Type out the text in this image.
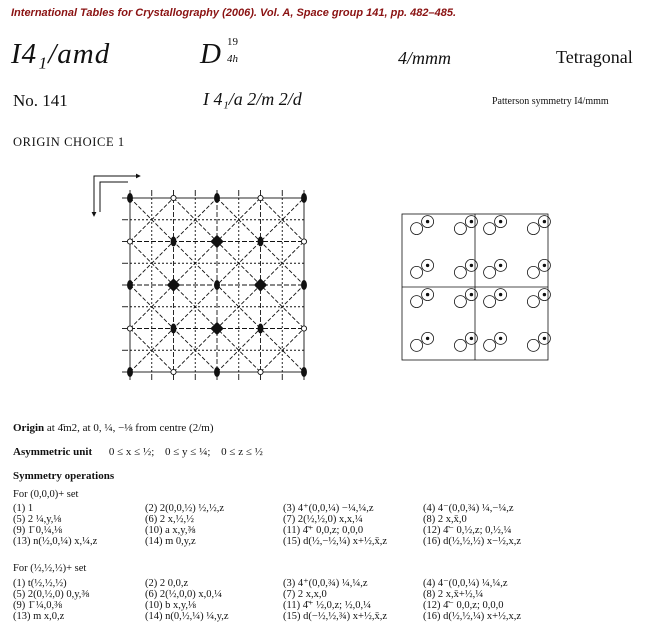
International Tables for Crystallography (2006). Vol. A, Space group 141, pp. 482–485.
I4₁/amd	D 19
4h	4/mmm	Tetragonal
No. 141	I 4₁/a 2/m 2/d	Patterson symmetry I4/mmm
ORIGIN CHOICE 1
Origin at 4̄m2, at 0, ¼, −⅛ from centre (2/m)
Asymmetric unit 0 ≤ x ≤ ½; 0 ≤ y ≤ ¼; 0 ≤ z ≤ ½
Symmetry operations
For (0,0,0)+ set
(1) 1	(2) 2(0,0,½) ½,½,z	(3) 4⁺(0,0,¼) −¼,¼,z	(4) 4⁻(0,0,¾) ¼,−¼,z
(5) 2 ¼,y,⅛	(6) 2 x,½,½	(7) 2(½,½,0) x,x,¼	(8) 2 x,x̄,0
(9) 1̄ 0,¼,⅛	(10) a x,y,⅜	(11) 4̄⁺ 0,0,z; 0,0,0	(12) 4̄⁻ 0,½,z; 0,½,¼
(13) n(½,0,¼) x,¼,z	(14) m 0,y,z	(15) d(½,−½,¼) x+½,x̄,z	(16) d(½,½,½) x−½,x,z
For (½,½,½)+ set
(1) t(½,½,½)	(2) 2 0,0,z	(3) 4⁺(0,0,¾) ¼,¼,z	(4) 4⁻(0,0,¼) ¼,¼,z
(5) 2(0,½,0) 0,y,⅜	(6) 2(½,0,0) x,0,¼	(7) 2 x,x,0	(8) 2 x,x̄+½,¼
(9) 1̄ ¼,0,⅜	(10) b x,y,⅛	(11) 4̄⁺ ½,0,z; ½,0,¼	(12) 4̄⁻ 0,0,z; 0,0,0
(13) m x,0,z	(14) n(0,½,¼) ¼,y,z	(15) d(−½,½,¾) x+½,x̄,z	(16) d(½,½,¼) x+½,x,z
